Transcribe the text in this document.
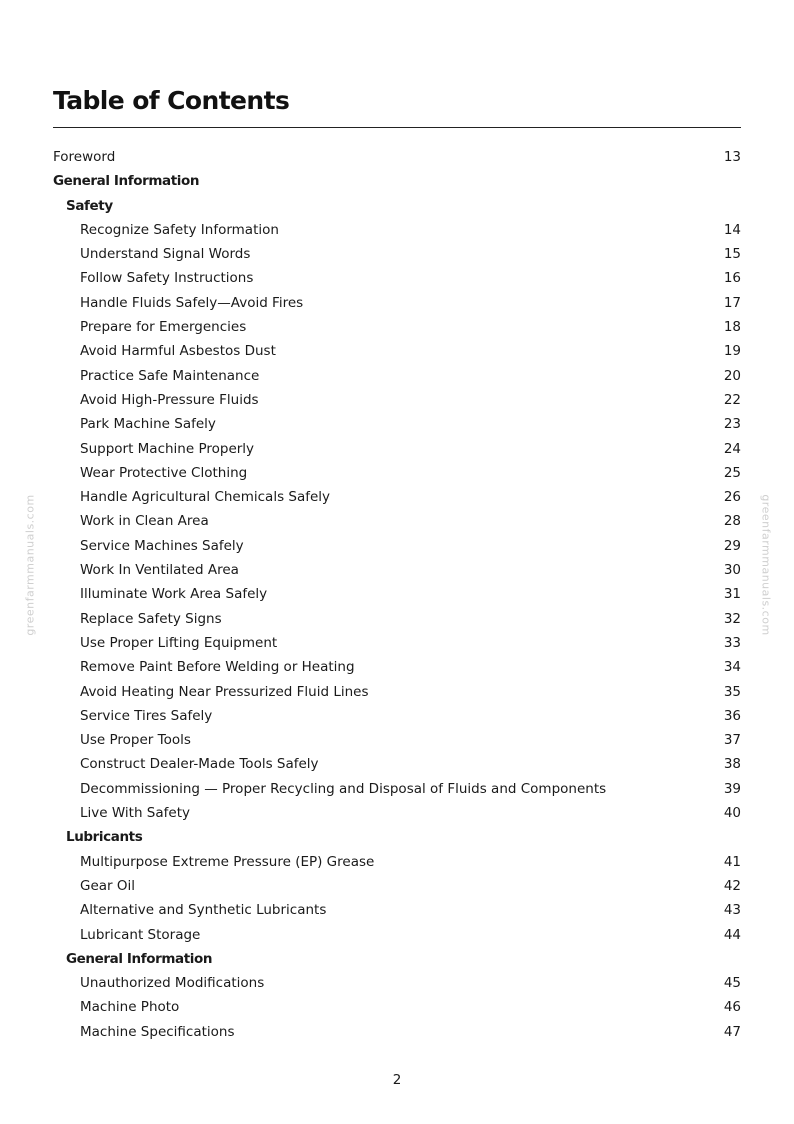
Table of Contents
Foreword	13
General Information
Safety
Recognize Safety Information	14
Understand Signal Words	15
Follow Safety Instructions	16
Handle Fluids Safely—Avoid Fires	17
Prepare for Emergencies	18
Avoid Harmful Asbestos Dust	19
Practice Safe Maintenance	20
Avoid High-Pressure Fluids	22
Park Machine Safely	23
Support Machine Properly	24
Wear Protective Clothing	25
Handle Agricultural Chemicals Safely	26
Work in Clean Area	28
Service Machines Safely	29
Work In Ventilated Area	30
Illuminate Work Area Safely	31
Replace Safety Signs	32
Use Proper Lifting Equipment	33
Remove Paint Before Welding or Heating	34
Avoid Heating Near Pressurized Fluid Lines	35
Service Tires Safely	36
Use Proper Tools	37
Construct Dealer-Made Tools Safely	38
Decommissioning — Proper Recycling and Disposal of Fluids and Components	39
Live With Safety	40
Lubricants
Multipurpose Extreme Pressure (EP) Grease	41
Gear Oil	42
Alternative and Synthetic Lubricants	43
Lubricant Storage	44
General Information
Unauthorized Modifications	45
Machine Photo	46
Machine Specifications	47
greenfarmmanuals.com	greenfarmmanuals.com
2
